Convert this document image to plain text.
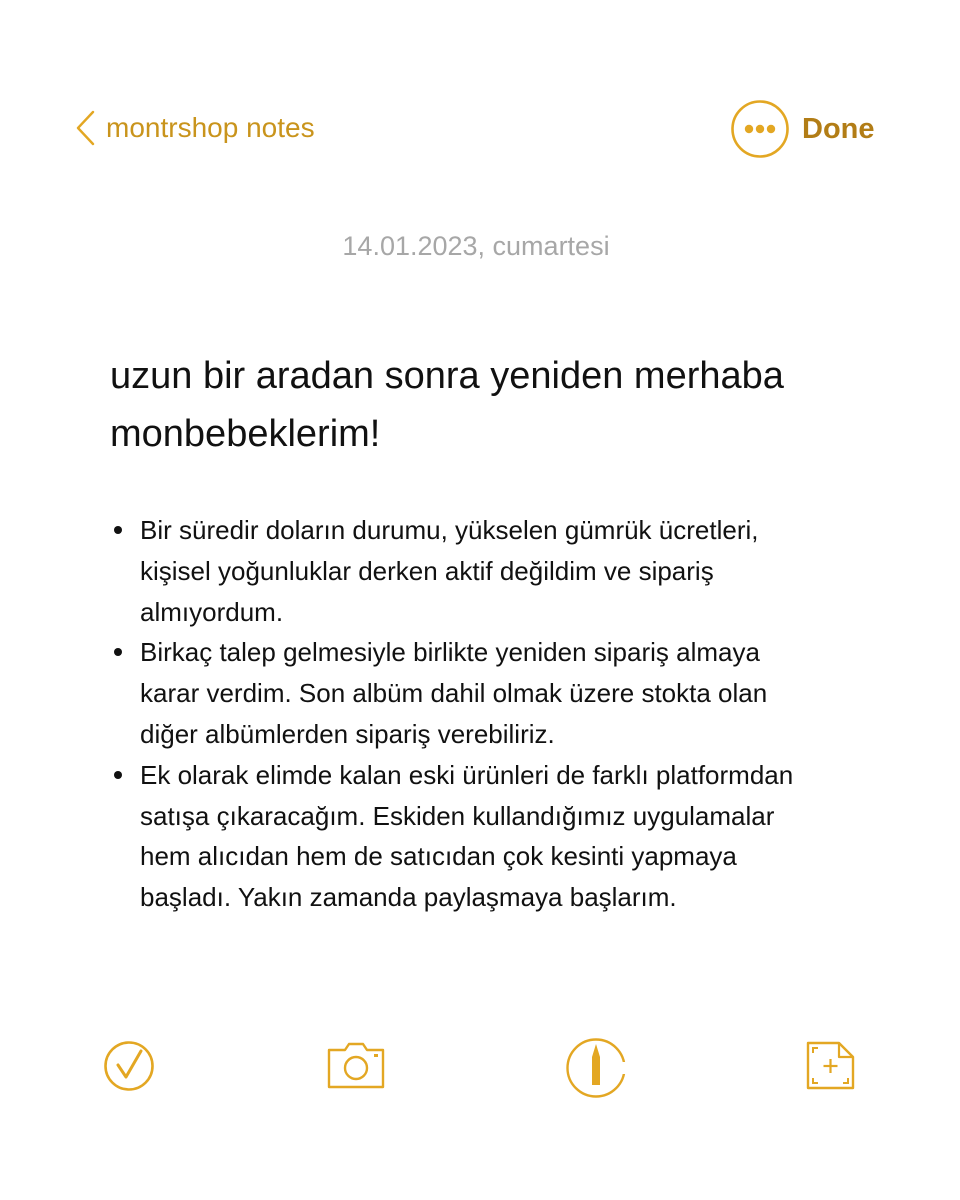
montrshop notes	Done
14.01.2023, cumartesi
uzun bir aradan sonra yeniden merhaba monbebeklerim!
Bir süredir doların durumu, yükselen gümrük ücretleri, kişisel yoğunluklar derken aktif değildim ve sipariş almıyordum.
Birkaç talep gelmesiyle birlikte yeniden sipariş almaya karar verdim. Son albüm dahil olmak üzere stokta olan diğer albümlerden sipariş verebiliriz.
Ek olarak elimde kalan eski ürünleri de farklı platformdan satışa çıkaracağım. Eskiden kullandığımız uygulamalar hem alıcıdan hem de satıcıdan çok kesinti yapmaya başladı. Yakın zamanda paylaşmaya başlarım.
